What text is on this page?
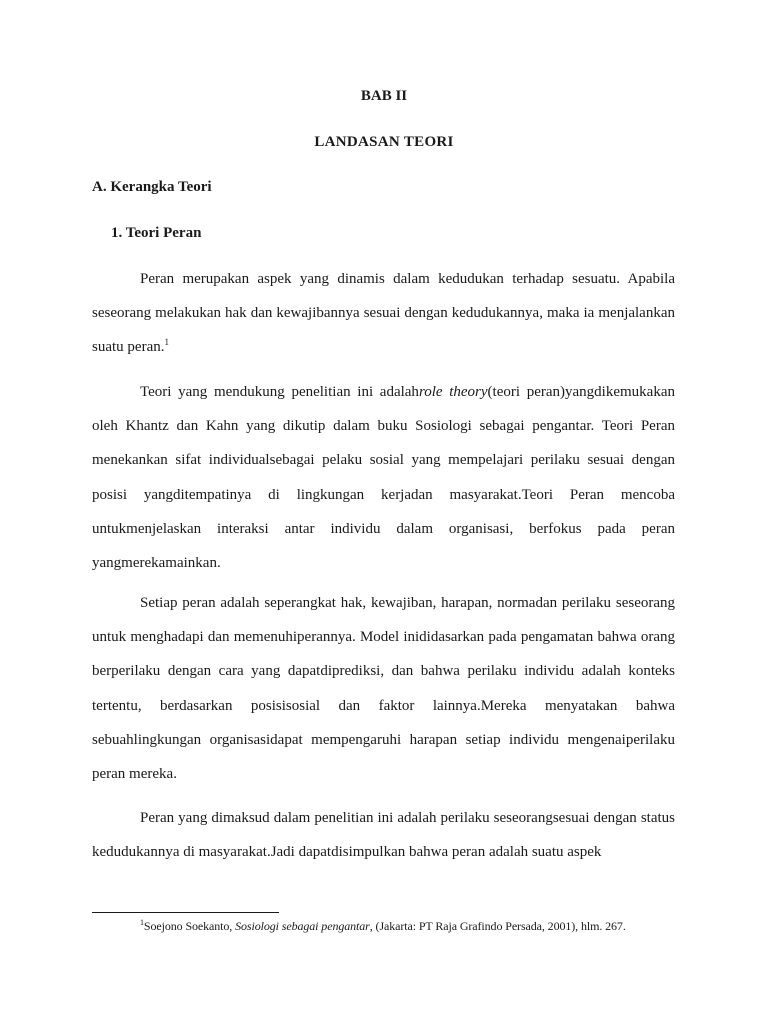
BAB II
LANDASAN TEORI
A. Kerangka Teori
1. Teori Peran

Peran merupakan aspek yang dinamis dalam kedudukan terhadap sesuatu. Apabila seseorang melakukan hak dan kewajibannya sesuai dengan kedudukannya, maka ia menjalankan suatu peran.$^1$

Teori yang mendukung penelitian ini adalahrole theory(teori peran)yangdikemukakan oleh Khantz dan Kahn yang dikutip dalam buku Sosiologi sebagai pengantar. Teori Peran menekankan sifat individualsebagai pelaku sosial yang mempelajari perilaku sesuai dengan posisi yangditempatinya di lingkungan kerjadan masyarakat.Teori Peran mencoba untukmenjelaskan interaksi antar individu dalam organisasi, berfokus pada peran yangmerekamainkan.

Setiap peran adalah seperangkat hak, kewajiban, harapan, normadan perilaku seseorang untuk menghadapi dan memenuhiperannya. Model inididasarkan pada pengamatan bahwa orang berperilaku dengan cara yang dapatdiprediksi, dan bahwa perilaku individu adalah konteks tertentu, berdasarkan posisisosial dan faktor lainnya.Mereka menyatakan bahwa sebuahlingkungan organisasidapat mempengaruhi harapan setiap individu mengenaiperilaku peran mereka.

Peran yang dimaksud dalam penelitian ini adalah perilaku seseorangsesuai dengan status kedudukannya di masyarakat.Jadi dapatdisimpulkan bahwa peran adalah suatu aspek

$^1$Soejono Soekanto, Sosiologi sebagai pengantar, (Jakarta: PT Raja Grafindo Persada, 2001), hlm. 267.
